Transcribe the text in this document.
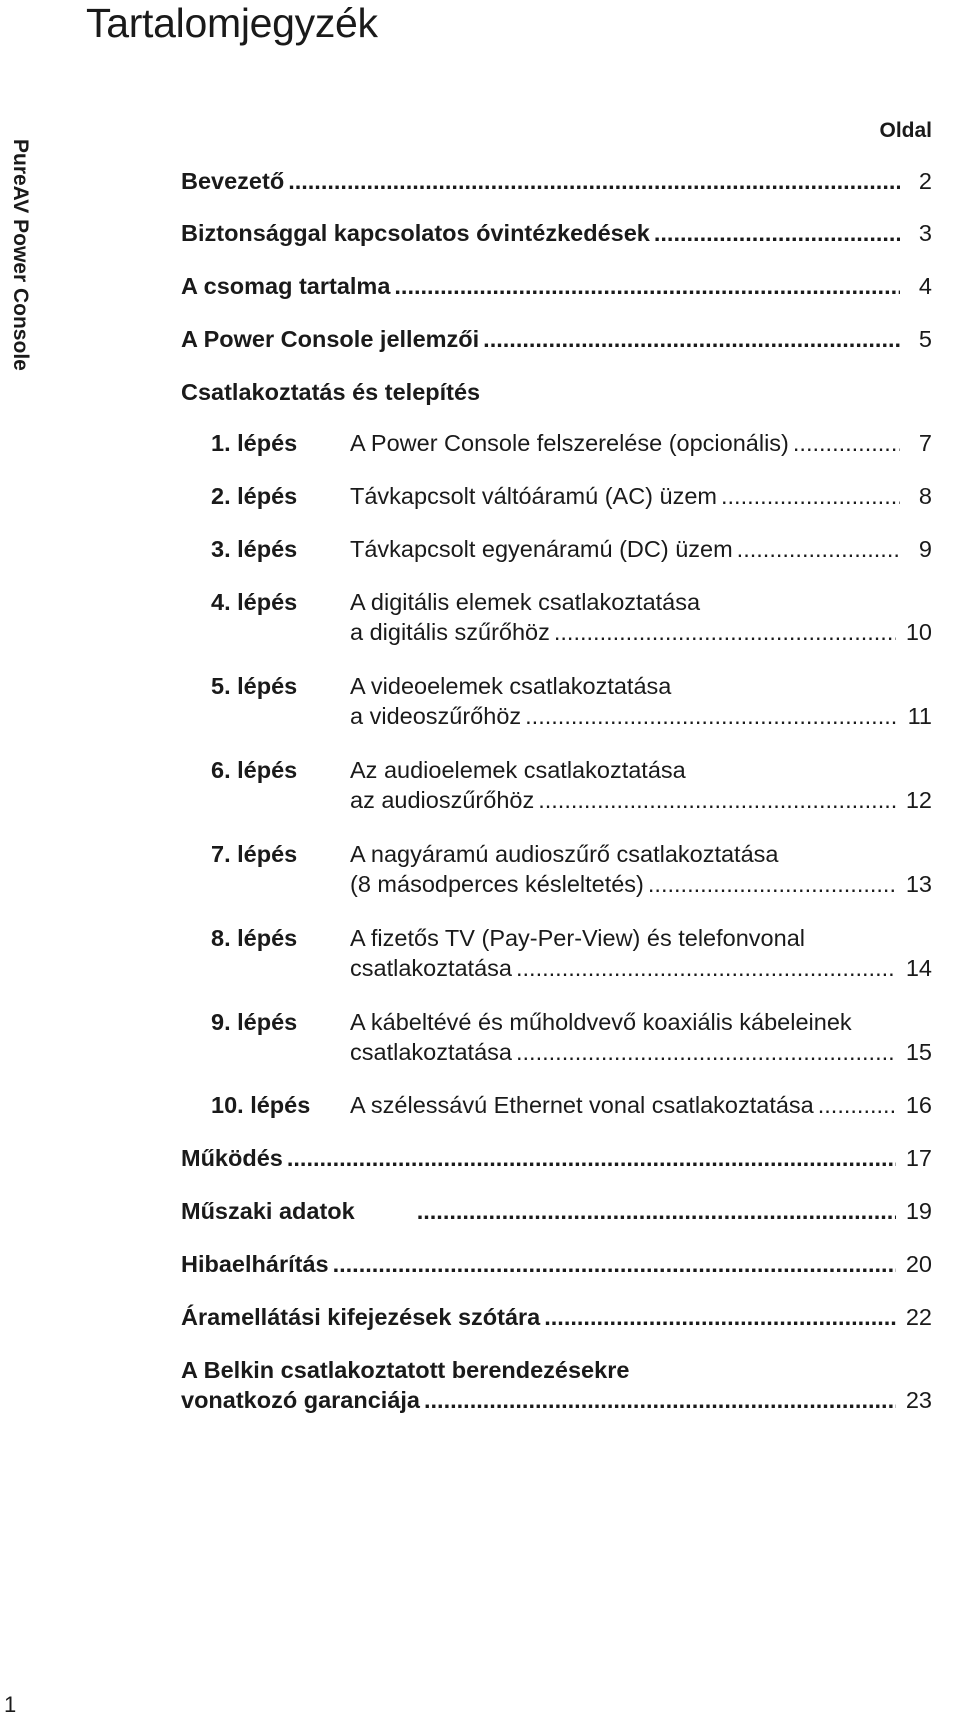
Tartalomjegyzék
PureAV Power Console
1
Oldal
Bevezető .....	2
Biztonsággal kapcsolatos óvintézkedések .....	3
A csomag tartalma .....	4
A Power Console jellemzői .....	5
Csatlakoztatás és telepítés
1. lépés A Power Console felszerelése (opcionális) .....	7
2. lépés Távkapcsolt váltóáramú (AC) üzem .....	8
3. lépés Távkapcsolt egyenáramú (DC) üzem .....	9
4. lépés A digitális elemek csatlakoztatása
a digitális szűrőhöz .....	10
5. lépés A videoelemek csatlakoztatása
a videoszűrőhöz .....	11
6. lépés Az audioelemek csatlakoztatása
az audioszűrőhöz .....	12
7. lépés A nagyáramú audioszűrő csatlakoztatása
(8 másodperces késleltetés) .....	13
8. lépés A fizetős TV (Pay-Per-View) és telefonvonal
csatlakoztatása .....	14
9. lépés A kábeltévé és műholdvevő koaxiális kábeleinek
csatlakoztatása .....	15
10. lépés A szélessávú Ethernet vonal csatlakoztatása .....	16
Működés .....	17
Műszaki adatok .....	19
Hibaelhárítás .....	20
Áramellátási kifejezések szótára .....	22
A Belkin csatlakoztatott berendezésekre
vonatkozó garanciája .....	23
